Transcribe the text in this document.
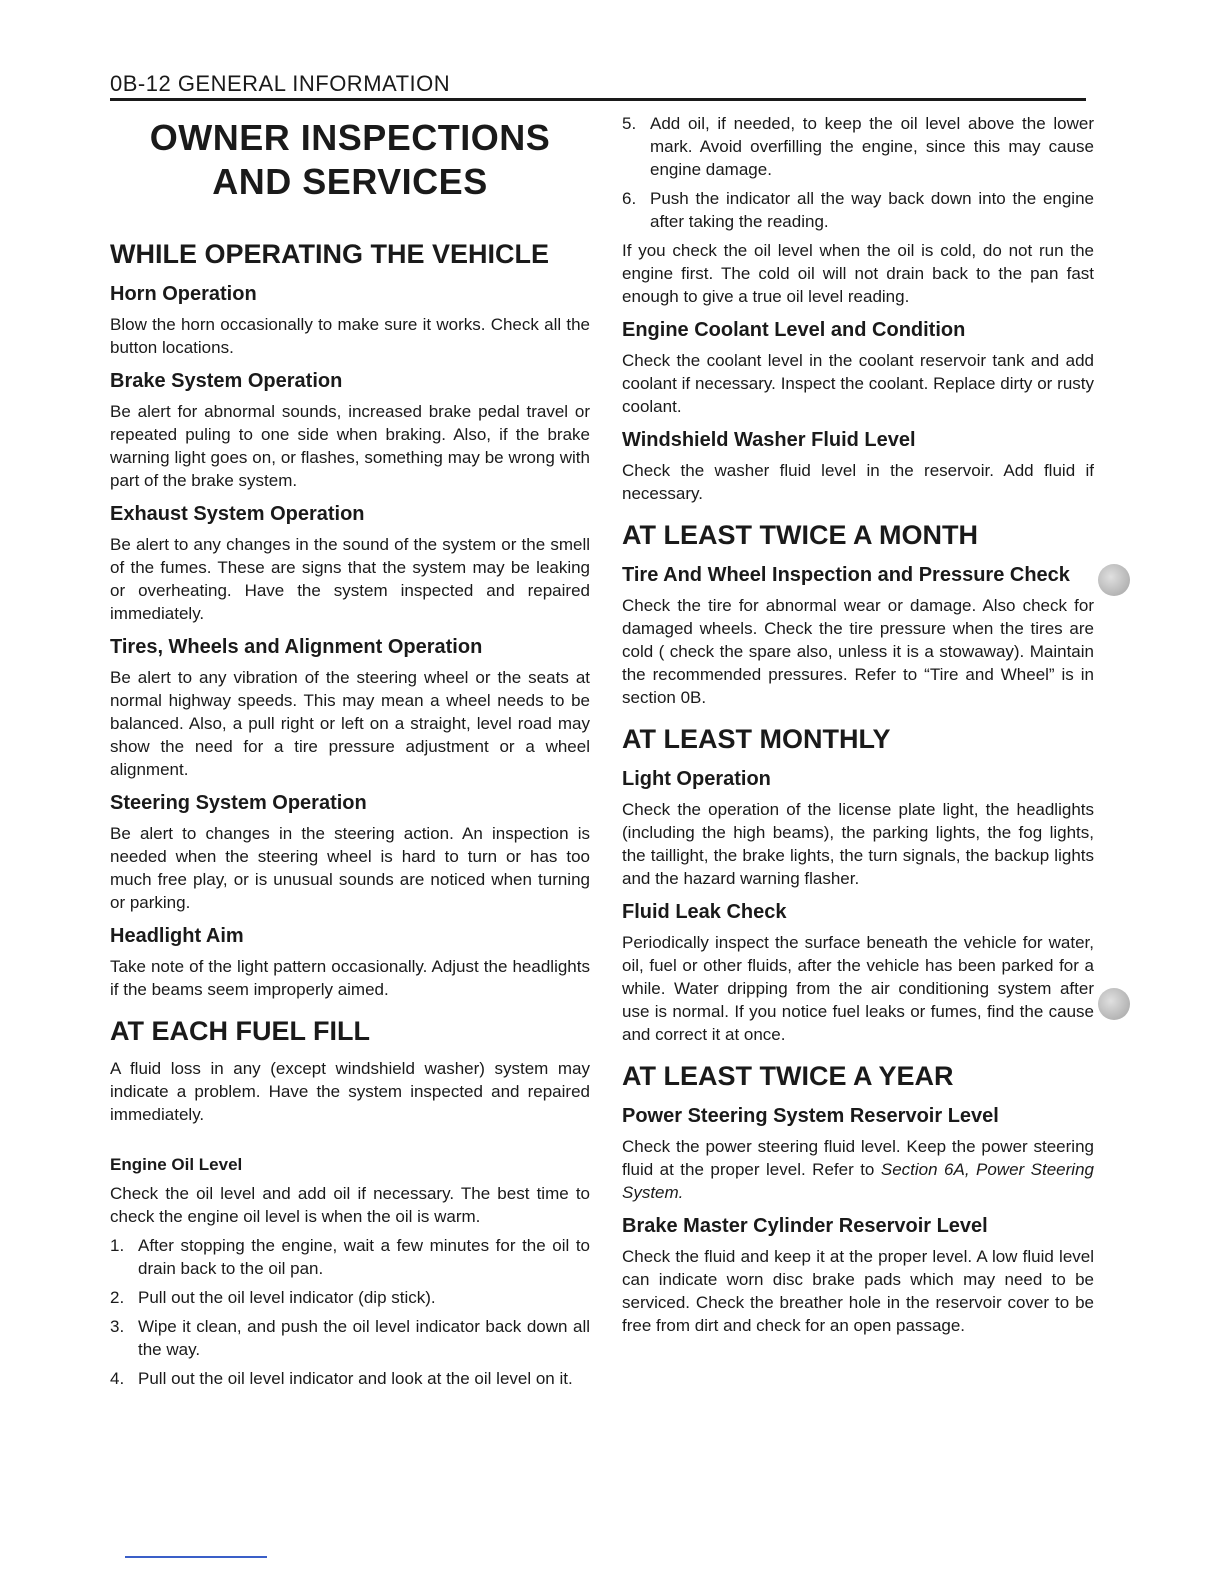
0B-12 GENERAL INFORMATION
OWNER INSPECTIONS
AND SERVICES
WHILE OPERATING THE VEHICLE
Horn Operation

Blow the horn occasionally to make sure it works. Check all the button locations.

Brake System Operation

Be alert for abnormal sounds, increased brake pedal travel or repeated puling to one side when braking. Also, if the brake warning light goes on, or flashes, something may be wrong with part of the brake system.

Exhaust System Operation

Be alert to any changes in the sound of the system or the smell of the fumes. These are signs that the system may be leaking or overheating. Have the system inspected and repaired immediately.

Tires, Wheels and Alignment Operation

Be alert to any vibration of the steering wheel or the seats at normal highway speeds. This may mean a wheel needs to be balanced. Also, a pull right or left on a straight, level road may show the need for a tire pressure adjustment or a wheel alignment.

Steering System Operation

Be alert to changes in the steering action. An inspection is needed when the steering wheel is hard to turn or has too much free play, or is unusual sounds are noticed when turning or parking.

Headlight Aim

Take note of the light pattern occasionally. Adjust the headlights if the beams seem improperly aimed.

AT EACH FUEL FILL

A fluid loss in any (except windshield washer) system may indicate a problem. Have the system inspected and repaired immediately.

Engine Oil Level

Check the oil level and add oil if necessary. The best time to check the engine oil level is when the oil is warm.

1. After stopping the engine, wait a few minutes for the oil to drain back to the oil pan.
2. Pull out the oil level indicator (dip stick).
3. Wipe it clean, and push the oil level indicator back down all the way.
4. Pull out the oil level indicator and look at the oil level on it.
5. Add oil, if needed, to keep the oil level above the lower mark. Avoid overfilling the engine, since this may cause engine damage.
6. Push the indicator all the way back down into the engine after taking the reading.

If you check the oil level when the oil is cold, do not run the engine first. The cold oil will not drain back to the pan fast enough to give a true oil level reading.

Engine Coolant Level and Condition

Check the coolant level in the coolant reservoir tank and add coolant if necessary. Inspect the coolant. Replace dirty or rusty coolant.

Windshield Washer Fluid Level

Check the washer fluid level in the reservoir. Add fluid if necessary.

AT LEAST TWICE A MONTH
Tire And Wheel Inspection and Pressure Check

Check the tire for abnormal wear or damage. Also check for damaged wheels. Check the tire pressure when the tires are cold ( check the spare also, unless it is a stowaway). Maintain the recommended pressures. Refer to “Tire and Wheel” is in section 0B.

AT LEAST MONTHLY
Light Operation

Check the operation of the license plate light, the headlights (including the high beams), the parking lights, the fog lights, the taillight, the brake lights, the turn signals, the backup lights and the hazard warning flasher.

Fluid Leak Check

Periodically inspect the surface beneath the vehicle for water, oil, fuel or other fluids, after the vehicle has been parked for a while. Water dripping from the air conditioning system after use is normal. If you notice fuel leaks or fumes, find the cause and correct it at once.

AT LEAST TWICE A YEAR
Power Steering System Reservoir Level

Check the power steering fluid level. Keep the power steering fluid at the proper level. Refer to Section 6A, Power Steering System.

Brake Master Cylinder Reservoir Level

Check the fluid and keep it at the proper level. A low fluid level can indicate worn disc brake pads which may need to be serviced. Check the breather hole in the reservoir cover to be free from dirt and check for an open passage.
